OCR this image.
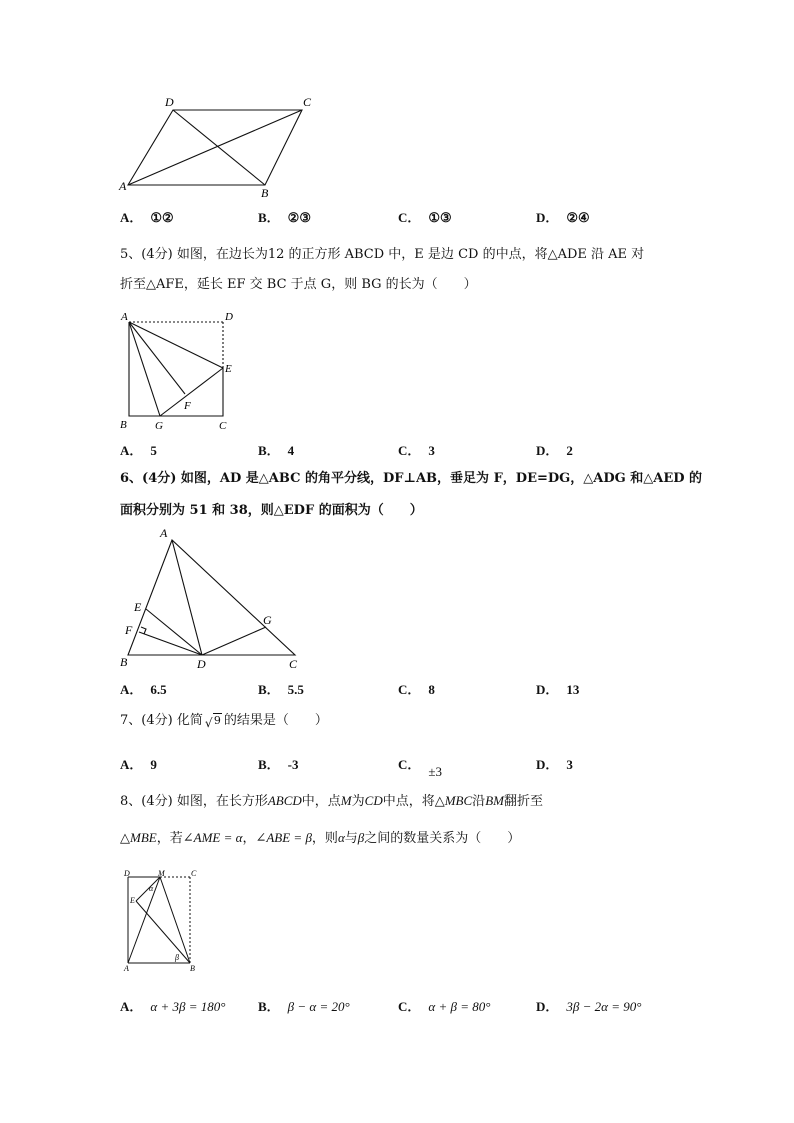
D	C
A	B
A． ①②	B． ②③	C． ①③	D． ②④
5、(4分) 如图，在边长为12 的正方形 ABCD 中，E 是边 CD 的中点，将△ADE 沿 AE 对
折至△AFE，延长 EF 交 BC 于点 G，则 BG 的长为（　　）
A	D
E
F
B	G	C
A． 5	B． 4	C． 3	D． 2
6、(4分) 如图，AD 是△ABC 的角平分线，DF⊥AB，垂足为 F，DE=DG，△ADG 和△AED 的
面积分别为 51 和 38，则△EDF 的面积为（　　）
A
E
F
G
B	D	C
A． 6.5	B． 5.5	C． 8	D． 13
7、(4分) 化简 √ 9 的结果是（　　）
A． 9	B． -3	C． ±3	D． 3
8、(4分) 如图，在长方形ABCD中，点M为CD中点，将△MBC沿BM翻折至
△MBE，若∠AME = α，∠ABE = β，则α与β之间的数量关系为（　　）
D	M	C
α
E
β
A	B
A． α + 3β = 180°	B． β − α = 20°	C． α + β = 80°	D． 3β − 2α = 90°
